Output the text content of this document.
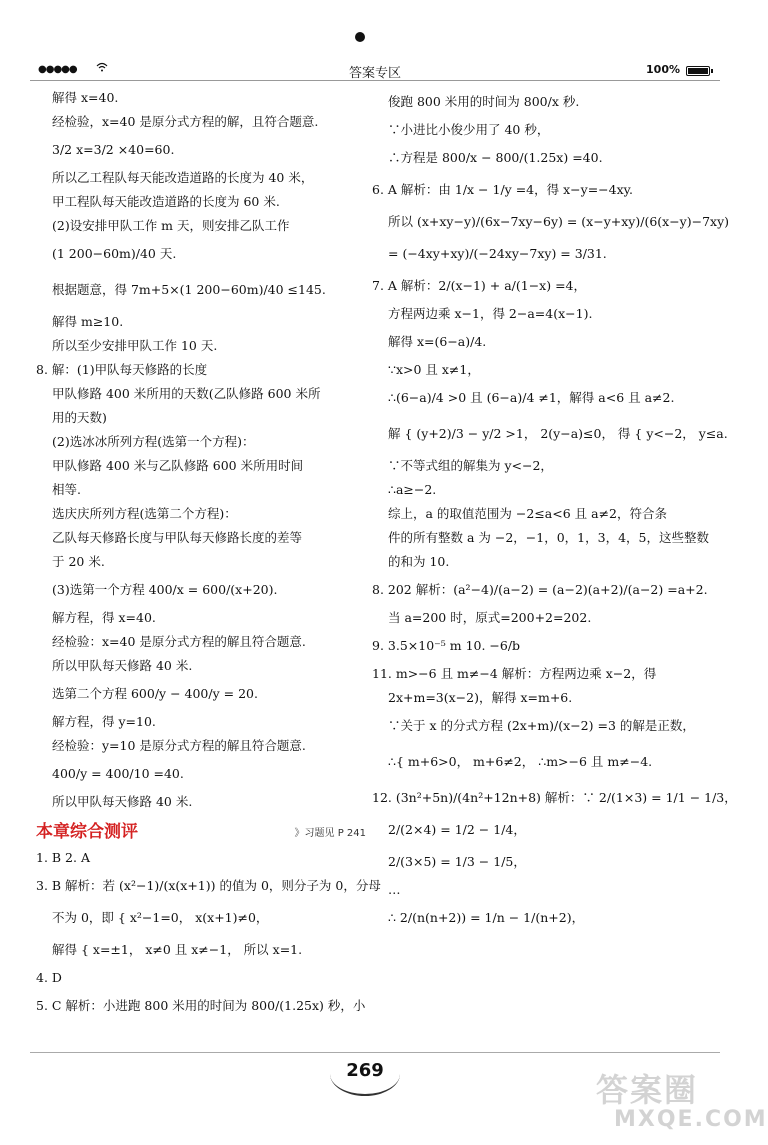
●●●●●	答案专区	100%
解得 x=40.
经检验，x=40 是原分式方程的解，且符合题意.
3/2 x=3/2 ×40=60.
所以乙工程队每天能改造道路的长度为 40 米，
甲工程队每天能改造道路的长度为 60 米.
(2)设安排甲队工作 m 天，则安排乙队工作
(1 200−60m)/40 天.
根据题意，得 7m+5×(1 200−60m)/40 ≤145.
解得 m≥10.
所以至少安排甲队工作 10 天.
8. 解：(1)甲队每天修路的长度
甲队修路 400 米所用的天数(乙队修路 600 米所
用的天数)
(2)选冰冰所列方程(选第一个方程)：
甲队修路 400 米与乙队修路 600 米所用时间
相等.
选庆庆所列方程(选第二个方程)：
乙队每天修路长度与甲队每天修路长度的差等
于 20 米.
(3)选第一个方程 400/x = 600/(x+20).
解方程，得 x=40.
经检验：x=40 是原分式方程的解且符合题意.
所以甲队每天修路 40 米.
选第二个方程 600/y − 400/y = 20.
解方程，得 y=10.
经检验：y=10 是原分式方程的解且符合题意.
400/y = 400/10 =40.
所以甲队每天修路 40 米.
本章综合测评	》习题见 P 241
1. B 2. A
3. B 解析：若 (x²−1)/(x(x+1)) 的值为 0，则分子为 0，分母
不为 0，即 { x²−1=0， x(x+1)≠0，
解得 { x=±1， x≠0 且 x≠−1， 所以 x=1.
4. D
5. C 解析：小进跑 800 米用的时间为 800/(1.25x) 秒，小
俊跑 800 米用的时间为 800/x 秒.
∵小进比小俊少用了 40 秒，
∴方程是 800/x − 800/(1.25x) =40.
6. A 解析：由 1/x − 1/y =4，得 x−y=−4xy.
所以 (x+xy−y)/(6x−7xy−6y) = (x−y+xy)/(6(x−y)−7xy)
= (−4xy+xy)/(−24xy−7xy) = 3/31.
7. A 解析：2/(x−1) + a/(1−x) =4，
方程两边乘 x−1，得 2−a=4(x−1).
解得 x=(6−a)/4.
∵x>0 且 x≠1，
∴(6−a)/4 >0 且 (6−a)/4 ≠1，解得 a<6 且 a≠2.
解 { (y+2)/3 − y/2 >1， 2(y−a)≤0， 得 { y<−2， y≤a.
∵不等式组的解集为 y<−2，
∴a≥−2.
综上，a 的取值范围为 −2≤a<6 且 a≠2，符合条
件的所有整数 a 为 −2，−1，0，1，3，4，5，这些整数
的和为 10.
8. 202 解析：(a²−4)/(a−2) = (a−2)(a+2)/(a−2) =a+2.
当 a=200 时，原式=200+2=202.
9. 3.5×10⁻⁵ m 10. −6/b
11. m>−6 且 m≠−4 解析：方程两边乘 x−2，得
2x+m=3(x−2)，解得 x=m+6.
∵关于 x 的分式方程 (2x+m)/(x−2) =3 的解是正数，
∴{ m+6>0， m+6≠2， ∴m>−6 且 m≠−4.
12. (3n²+5n)/(4n²+12n+8) 解析：∵ 2/(1×3) = 1/1 − 1/3，
2/(2×4) = 1/2 − 1/4，
2/(3×5) = 1/3 − 1/5，
…
∴ 2/(n(n+2)) = 1/n − 1/(n+2)，
269
答案圈
MXQE.COM
